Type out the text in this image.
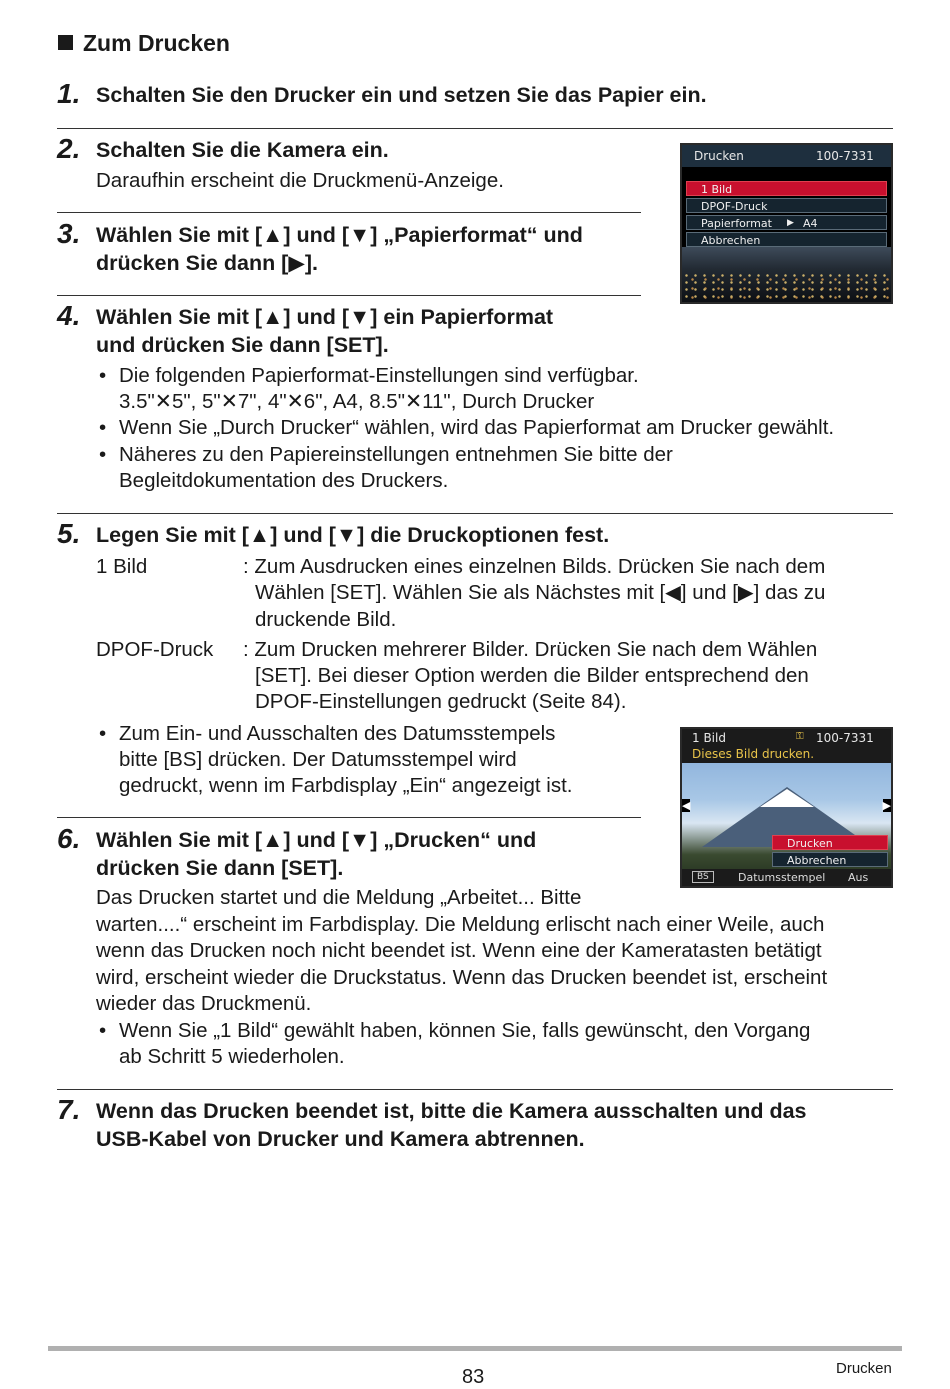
Zum Drucken
1. Schalten Sie den Drucker ein und setzen Sie das Papier ein.
2. Schalten Sie die Kamera ein.
Daraufhin erscheint die Druckmenü-Anzeige.
Drucken	100-7331
1 Bild
DPOF-Druck
Papierformat ▶ A4
Abbrechen
3. Wählen Sie mit [▲] und [▼] „Papierformat“ und
drücken Sie dann [▶].
4. Wählen Sie mit [▲] und [▼] ein Papierformat
und drücken Sie dann [SET].
• Die folgenden Papierformat-Einstellungen sind verfügbar.
3.5"✕5", 5"✕7", 4"✕6", A4, 8.5"✕11", Durch Drucker
• Wenn Sie „Durch Drucker“ wählen, wird das Papierformat am Drucker gewählt.
• Näheres zu den Papiereinstellungen entnehmen Sie bitte der
Begleitdokumentation des Druckers.
5. Legen Sie mit [▲] und [▼] die Druckoptionen fest.
1 Bild	: Zum Ausdrucken eines einzelnen Bilds. Drücken Sie nach dem
Wählen [SET]. Wählen Sie als Nächstes mit [◀] und [▶] das zu
druckende Bild.
DPOF-Druck : Zum Drucken mehrerer Bilder. Drücken Sie nach dem Wählen
[SET]. Bei dieser Option werden die Bilder entsprechend den
DPOF-Einstellungen gedruckt (Seite 84).
• Zum Ein- und Ausschalten des Datumsstempels
bitte [BS] drücken. Der Datumsstempel wird
gedruckt, wenn im Farbdisplay „Ein“ angezeigt ist.
1 Bild	⚿ 100-7331
Dieses Bild drucken.
◀	▶
Drucken
Abbrechen
BS	Datumsstempel Aus
6. Wählen Sie mit [▲] und [▼] „Drucken“ und
drücken Sie dann [SET].
Das Drucken startet und die Meldung „Arbeitet... Bitte
warten....“ erscheint im Farbdisplay. Die Meldung erlischt nach einer Weile, auch
wenn das Drucken noch nicht beendet ist. Wenn eine der Kameratasten betätigt
wird, erscheint wieder die Druckstatus. Wenn das Drucken beendet ist, erscheint
wieder das Druckmenü.
• Wenn Sie „1 Bild“ gewählt haben, können Sie, falls gewünscht, den Vorgang
ab Schritt 5 wiederholen.
7. Wenn das Drucken beendet ist, bitte die Kamera ausschalten und das
USB-Kabel von Drucker und Kamera abtrennen.
83	Drucken
